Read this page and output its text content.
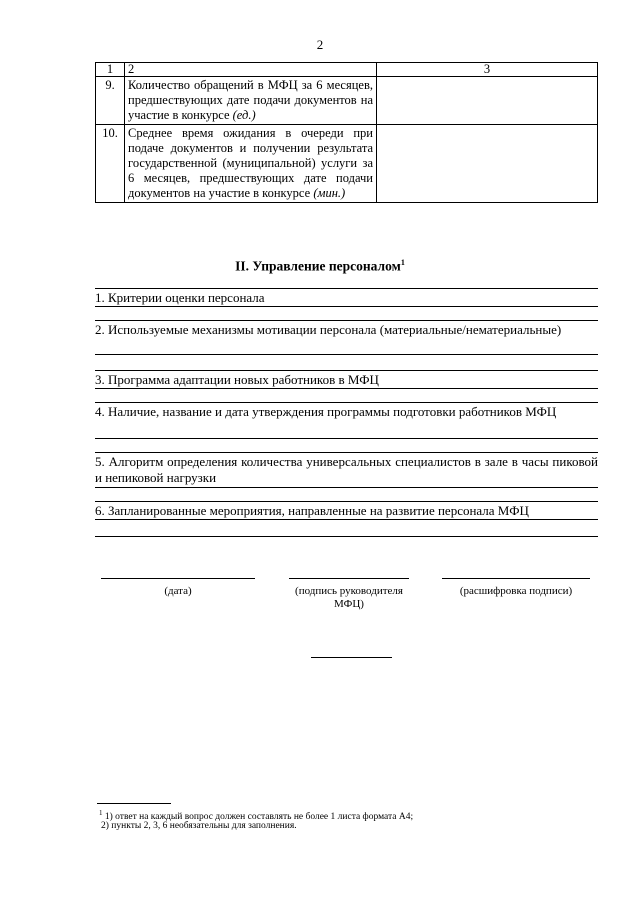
2
1	2	3
9.	Количество обращений в МФЦ за 6 месяцев, предшествующих дате подачи документов на участие в конкурсе (ед.)	
10.	Среднее время ожидания в очереди при подаче документов и получении результата государственной (муниципальной) услуги за 6 месяцев, предшествующих дате подачи документов на участие в конкурсе (мин.)	
II. Управление персоналом$^1$
1. Критерии оценки персонала
2. Используемые механизмы мотивации персонала (материальные/нематериальные)
3. Программа адаптации новых работников в МФЦ
4. Наличие, название и дата утверждения программы подготовки работников МФЦ
5. Алгоритм определения количества универсальных специалистов в зале в часы пиковой и непиковой нагрузки
6. Запланированные мероприятия, направленные на развитие персонала МФЦ
(дата)	(подпись руководителя МФЦ)
(расшифровка подписи)
$^1$ 1) ответ на каждый вопрос должен составлять не более 1 листа формата А4;
2) пункты 2, 3, 6 необязательны для заполнения.
